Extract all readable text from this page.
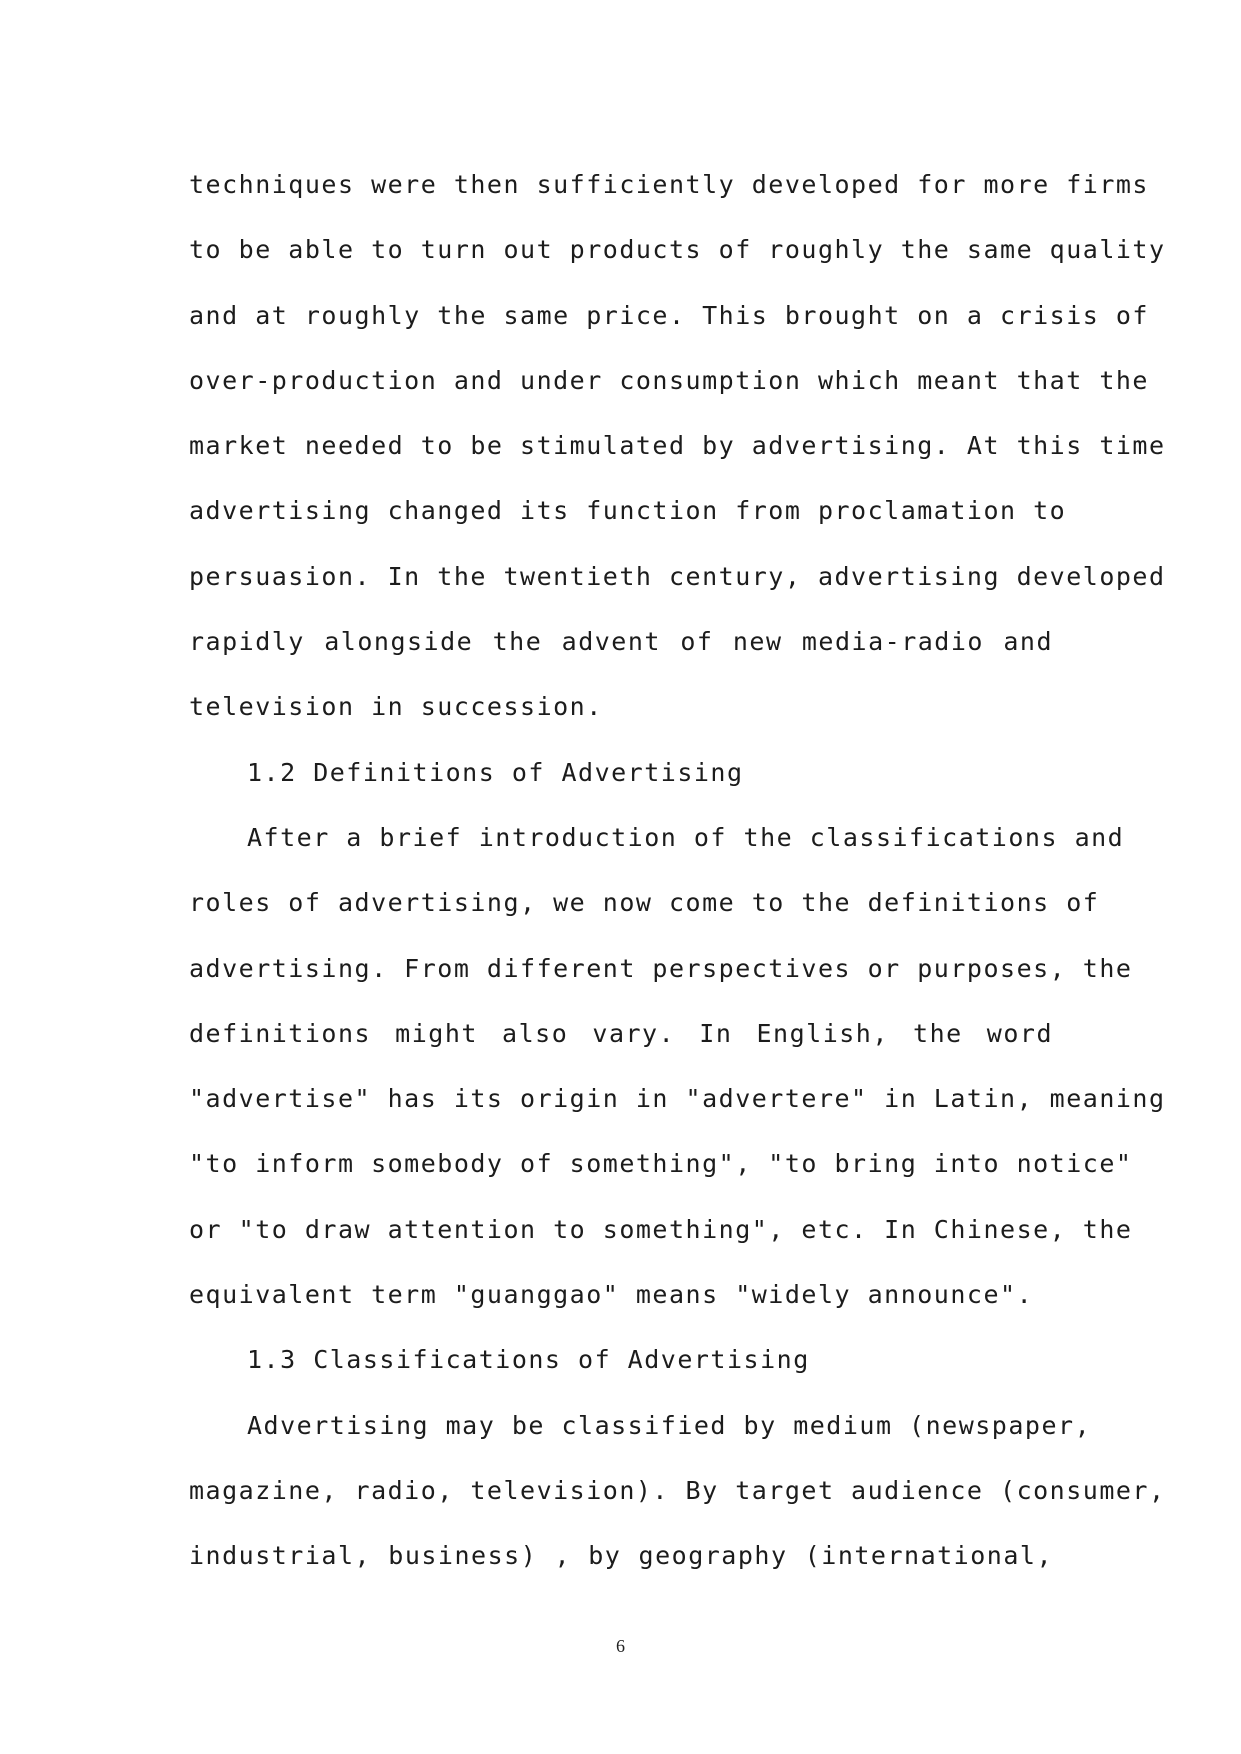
techniques were then sufficiently developed for more firms
to be able to turn out products of roughly the same quality
and at roughly the same price. This brought on a crisis of
over-production and under consumption which meant that the
market needed to be stimulated by advertising. At this time
advertising changed its function from proclamation to
persuasion. In the twentieth century, advertising developed
rapidly alongside the advent of new media-radio and
television in succession.
1.2 Definitions of Advertising
After a brief introduction of the classifications and
roles of advertising, we now come to the definitions of
advertising. From different perspectives or purposes, the
definitions might also vary. In English, the word
"advertise" has its origin in "advertere" in Latin, meaning
"to inform somebody of something", "to bring into notice"
or "to draw attention to something", etc. In Chinese, the
equivalent term "guanggao" means "widely announce".
1.3 Classifications of Advertising
Advertising may be classified by medium (newspaper,
magazine, radio, television). By target audience (consumer,
industrial, business) , by geography (international,
6
